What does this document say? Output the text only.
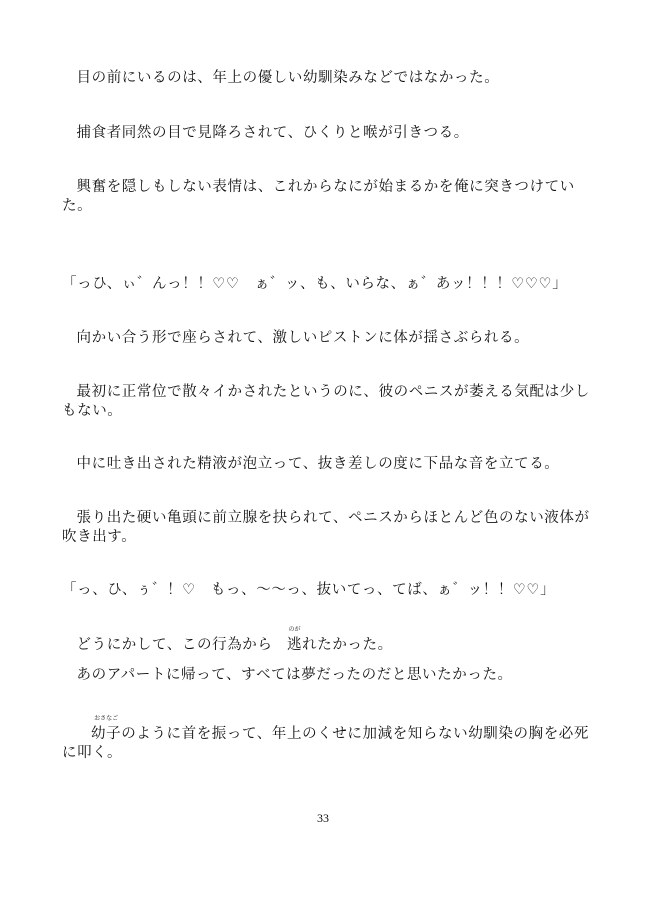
目の前にいるのは、年上の優しい幼馴染みなどではなかった。
捕食者同然の目で見降ろされて、ひくりと喉が引きつる。
興奮を隠しもしない表情は、これからなにが始まるかを俺に突きつけていた。
「っひ、ぃ゛んっ！！♡♡　ぁ゛ッ、も、いらな、ぁ゛あッ！！！♡♡♡」
向かい合う形で座らされて、激しいピストンに体が揺さぶられる。
最初に正常位で散々イかされたというのに、彼のペニスが萎える気配は少しもない。
中に吐き出された精液が泡立って、抜き差しの度に下品な音を立てる。
張り出た硬い亀頭に前立腺を抉られて、ペニスからほとんど色のない液体が吹き出す。
「っ、ひ、ぅ゛！♡　もっ、〜〜っ、抜いてっ、てば、ぁ゛ッ！！♡♡」
どうにかして、この行為から
のが
逃れたかった。
あのアパートに帰って、すべては夢だったのだと思いたかった。
おさなご
幼子のように首を振って、年上のくせに加減を知らない幼馴染の胸を必死に叩く。
33
